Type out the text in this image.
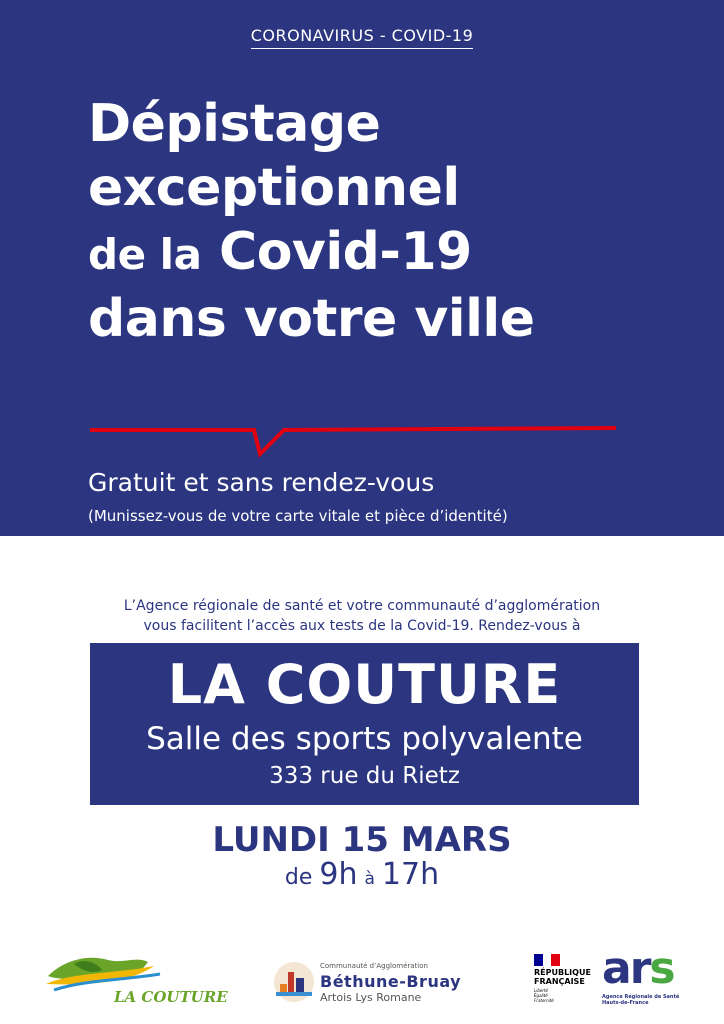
CORONAVIRUS - COVID-19
Dépistage
exceptionnel
de la Covid-19
dans votre ville
Gratuit et sans rendez-vous
(Munissez-vous de votre carte vitale et pièce d’identité)
L’Agence régionale de santé et votre communauté d’agglomération
vous facilitent l’accès aux tests de la Covid-19. Rendez-vous à
LA COUTURE
Salle des sports polyvalente
333 rue du Rietz
LUNDI 15 MARS
de 9h à 17h
LA COUTURE
Communauté d’Agglomération
Béthune-Bruay
Artois Lys Romane
RÉPUBLIQUE
FRANÇAISE
Liberté
Égalité
Fraternité
ars
Agence Régionale de Santé
Hauts-de-France
